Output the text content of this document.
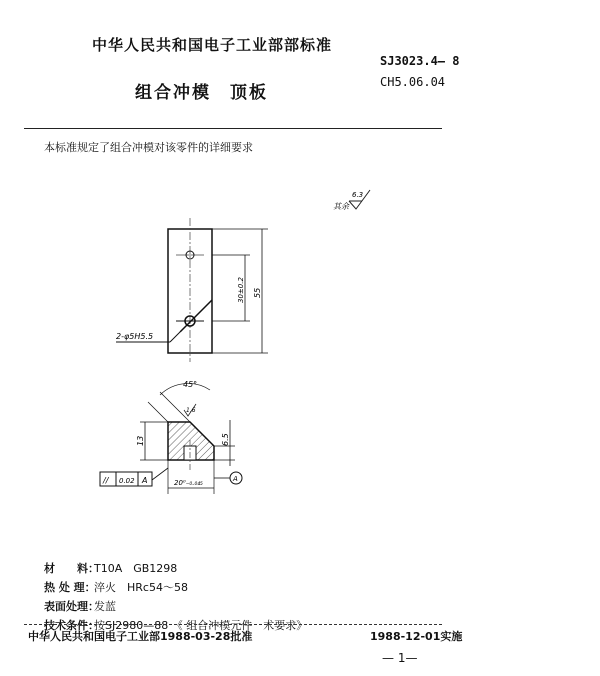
中华人民共和国电子工业部部标准
SJ3023.4— 8
CH5.06.04
组合冲模　顶板
本标准规定了组合冲模对该零件的详细要求
其余
6.3
2-φ5H5.5
30±0.2 55
45°
1.6
13	6.5
20⁰₋₀.₀₄₅	A
// 0.02 A
材　　料：
T10A　GB1298
热 处 理：
淬火　HRc54～58
表面处理：
发蓝
技术条件：
按SJ2980—88 《 组合冲模元件　术要求》
中华人民共和国电子工业部1988-03-28批准	1988-12-01实施
— 1—
